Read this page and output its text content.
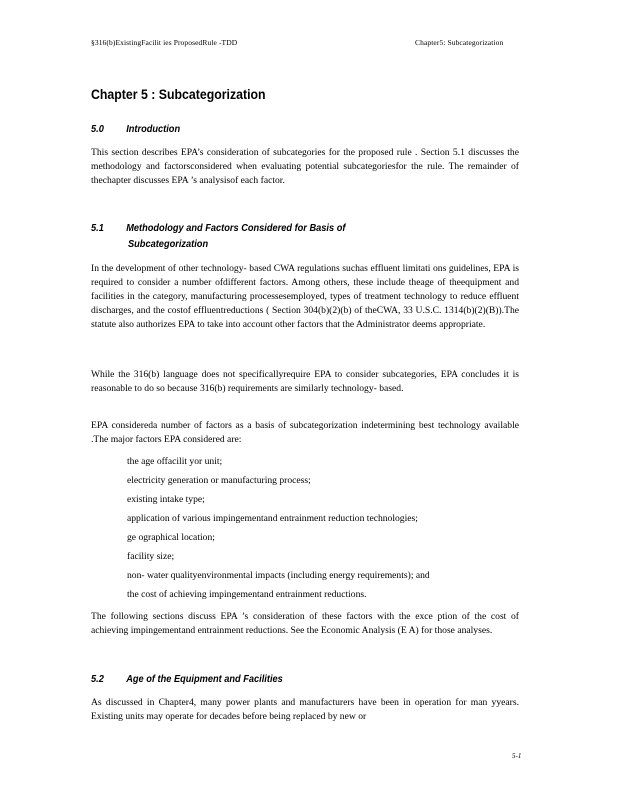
§316(b)ExistingFacilit ies ProposedRule -TDD	Chapter5: Subcategorization
Chapter 5 : Subcategorization
5.0 Introduction

This section describes EPA’s consideration of subcategories for the proposed rule . Section 5.1 discusses the methodology and factorsconsidered when evaluating potential subcategoriesfor the rule. The remainder of thechapter discusses EPA ’s analysisof each factor.

5.1 Methodology and Factors Considered for Basis of
Subcategorization

In the development of other technology- based CWA regulations suchas effluent limitati ons guidelines, EPA is required to consider a number ofdifferent factors. Among others, these include theage of theequipment and facilities in the category, manufacturing processesemployed, types of treatment technology to reduce effluent discharges, and the costof effluentreductions ( Section 304(b)(2)(b) of theCWA, 33 U.S.C. 1314(b)(2)(B)).The statute also authorizes EPA to take into account other factors that the Administrator deems appropriate.

While the 316(b) language does not specificallyrequire EPA to consider subcategories, EPA concludes it is reasonable to do so because 316(b) requirements are similarly technology- based.

EPA considereda number of factors as a basis of subcategorization indetermining best technology available .The major factors EPA considered are:

the age offacilit yor unit;
electricity generation or manufacturing process;
existing intake type;
application of various impingementand entrainment reduction technologies;
ge ographical location;
facility size;
non- water qualityenvironmental impacts (including energy requirements); and
the cost of achieving impingementand entrainment reductions.

The following sections discuss EPA ’s consideration of these factors with the exce ption of the cost of achieving impingementand entrainment reductions. See the Economic Analysis (E A) for those analyses.

5.2 Age of the Equipment and Facilities

As discussed in Chapter4, many power plants and manufacturers have been in operation for man yyears. Existing units may operate for decades before being replaced by new or

5-1
